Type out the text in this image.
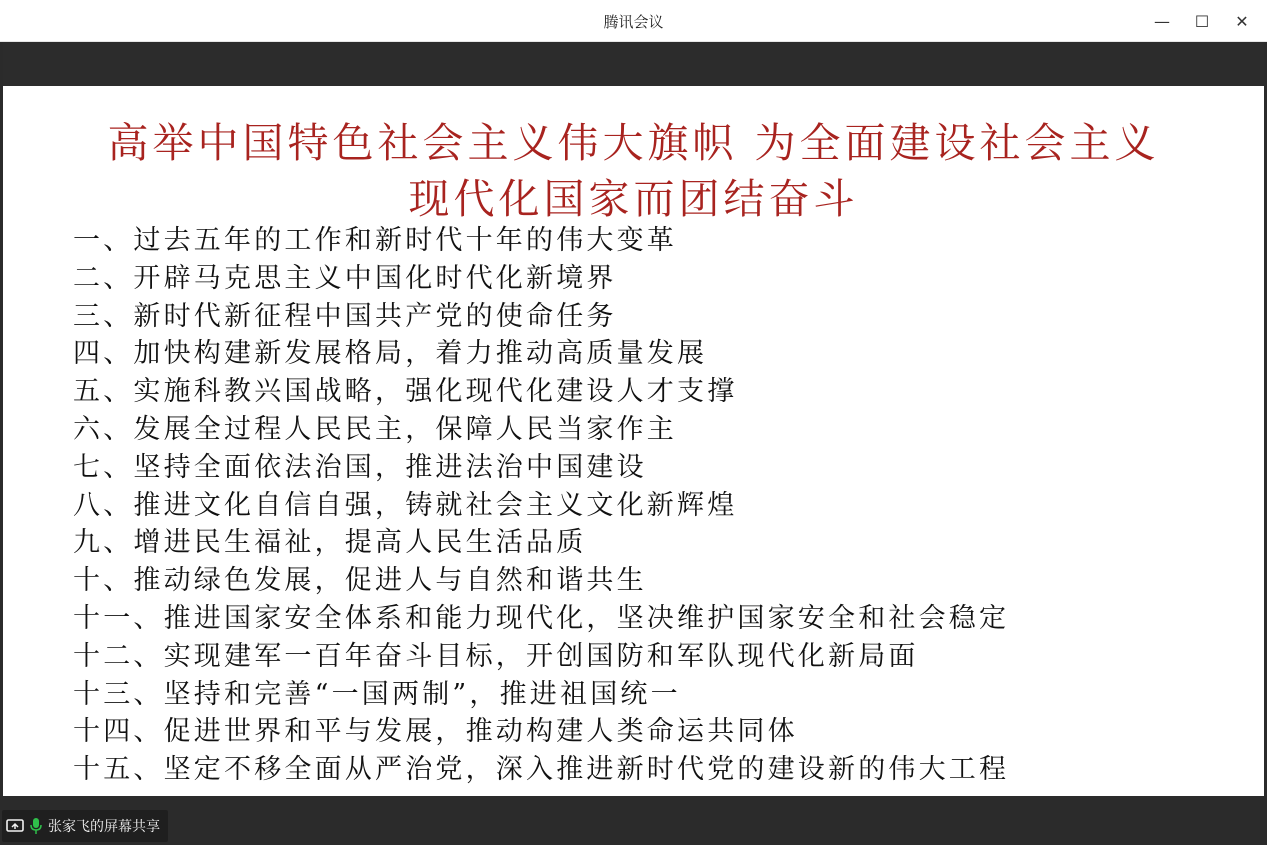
腾讯会议	—	☐	✕
高举中国特色社会主义伟大旗帜 为全面建设社会主义
现代化国家而团结奋斗
一、过去五年的工作和新时代十年的伟大变革
二、开辟马克思主义中国化时代化新境界
三、新时代新征程中国共产党的使命任务
四、加快构建新发展格局，着力推动高质量发展
五、实施科教兴国战略，强化现代化建设人才支撑
六、发展全过程人民民主，保障人民当家作主
七、坚持全面依法治国，推进法治中国建设
八、推进文化自信自强，铸就社会主义文化新辉煌
九、增进民生福祉，提高人民生活品质
十、推动绿色发展，促进人与自然和谐共生
十一、推进国家安全体系和能力现代化，坚决维护国家安全和社会稳定
十二、实现建军一百年奋斗目标，开创国防和军队现代化新局面
十三、坚持和完善“一国两制”，推进祖国统一
十四、促进世界和平与发展，推动构建人类命运共同体
十五、坚定不移全面从严治党，深入推进新时代党的建设新的伟大工程
张家飞的屏幕共享
